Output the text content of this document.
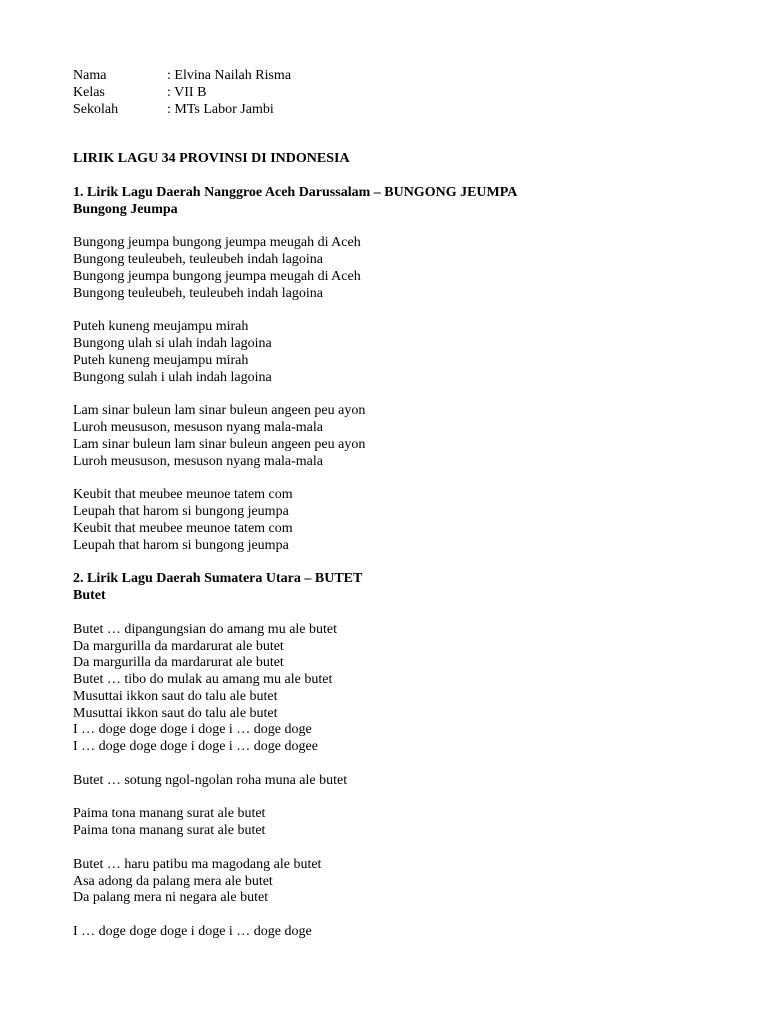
Nama	: Elvina Nailah Risma
Kelas	: VII B
Sekolah	: MTs Labor Jambi
LIRIK LAGU 34 PROVINSI DI INDONESIA
1. Lirik Lagu Daerah Nanggroe Aceh Darussalam – BUNGONG JEUMPA
Bungong Jeumpa
Bungong jeumpa bungong jeumpa meugah di Aceh
Bungong teuleubeh, teuleubeh indah lagoina
Bungong jeumpa bungong jeumpa meugah di Aceh
Bungong teuleubeh, teuleubeh indah lagoina
Puteh kuneng meujampu mirah
Bungong ulah si ulah indah lagoina
Puteh kuneng meujampu mirah
Bungong sulah i ulah indah lagoina
Lam sinar buleun lam sinar buleun angeen peu ayon
Luroh meususon, mesuson nyang mala-mala
Lam sinar buleun lam sinar buleun angeen peu ayon
Luroh meususon, mesuson nyang mala-mala
Keubit that meubee meunoe tatem com
Leupah that harom si bungong jeumpa
Keubit that meubee meunoe tatem com
Leupah that harom si bungong jeumpa
2. Lirik Lagu Daerah Sumatera Utara – BUTET
Butet
Butet … dipangungsian do amang mu ale butet
Da margurilla da mardarurat ale butet
Da margurilla da mardarurat ale butet
Butet … tibo do mulak au amang mu ale butet
Musuttai ikkon saut do talu ale butet
Musuttai ikkon saut do talu ale butet
I … doge doge doge i doge i … doge doge
I … doge doge doge i doge i … doge dogee
Butet … sotung ngol-ngolan roha muna ale butet
Paima tona manang surat ale butet
Paima tona manang surat ale butet
Butet … haru patibu ma magodang ale butet
Asa adong da palang mera ale butet
Da palang mera ni negara ale butet
I … doge doge doge i doge i … doge doge
